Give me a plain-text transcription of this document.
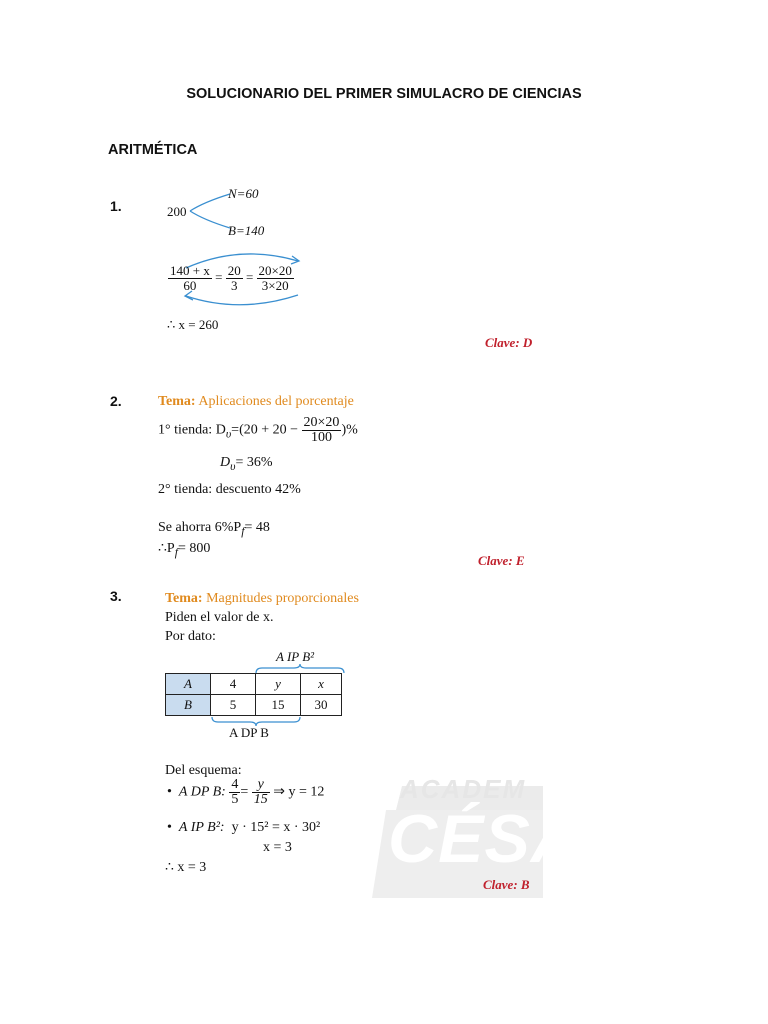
SOLUCIONARIO DEL PRIMER SIMULACRO DE CIENCIAS
ARITMÉTICA
1.	200
N=60
B=140
$\frac{140 + x}{60} = \frac{20}{3} = \frac{20\times 20}{3\times 20}$
∴ x = 260
Clave: D
2.	Tema: Aplicaciones del porcentaje
1° tienda: $D_\upsilon=(20 + 20 - \frac{20\times 20}{100}$ )%
$D_\upsilon= 36\%$
2° tienda: descuento 42%
Se ahorra $6\%P_f= 48$
$\therefore P_f= 800$
Clave: E
3.	Tema: Magnitudes proporcionales
Piden el valor de x.
Por dato:
A IP B²
A	4	y	x
B	5	15	30
A DP B
ACADEM
CÉSA
Del esquema:
• A DP B: $\frac{4}{5} = \frac{y}{15}$ ⇒ y = 12
• A IP B²: y · 15² = x · 30²
x = 3
∴ x = 3
Clave: B
